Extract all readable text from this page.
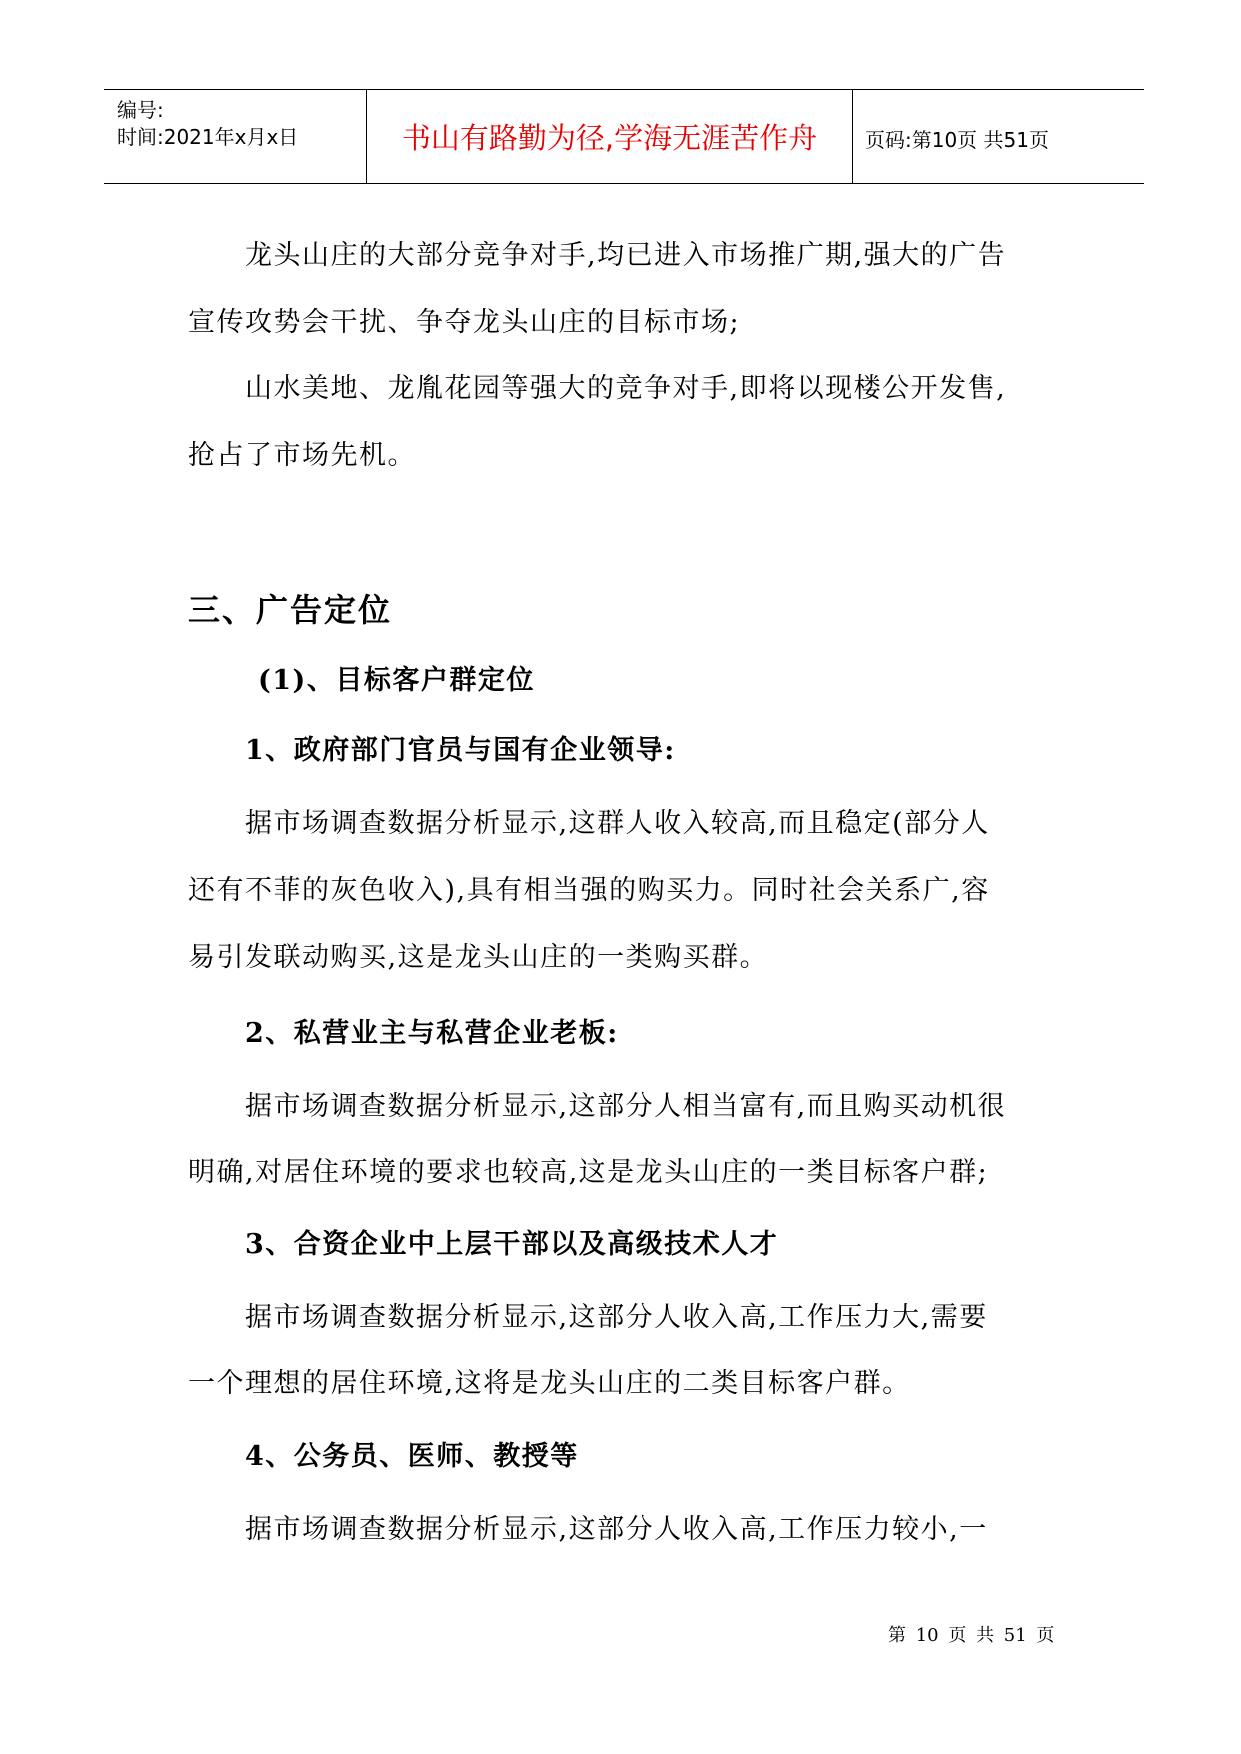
编号:
时间:2021年x月x日	书山有路勤为径,学海无涯苦作舟	页码:第10页 共51页
龙头山庄的大部分竞争对手,均已进入市场推广期,强大的广告
宣传攻势会干扰、争夺龙头山庄的目标市场;
山水美地、龙胤花园等强大的竞争对手,即将以现楼公开发售,
抢占了市场先机。
三、广告定位
(1)、目标客户群定位
1、政府部门官员与国有企业领导:
据市场调查数据分析显示,这群人收入较高,而且稳定(部分人
还有不菲的灰色收入),具有相当强的购买力。同时社会关系广,容
易引发联动购买,这是龙头山庄的一类购买群。
2、私营业主与私营企业老板:
据市场调查数据分析显示,这部分人相当富有,而且购买动机很
明确,对居住环境的要求也较高,这是龙头山庄的一类目标客户群;
3、合资企业中上层干部以及高级技术人才
据市场调查数据分析显示,这部分人收入高,工作压力大,需要
一个理想的居住环境,这将是龙头山庄的二类目标客户群。
4、公务员、医师、教授等
据市场调查数据分析显示,这部分人收入高,工作压力较小,一
第 10 页 共 51 页
